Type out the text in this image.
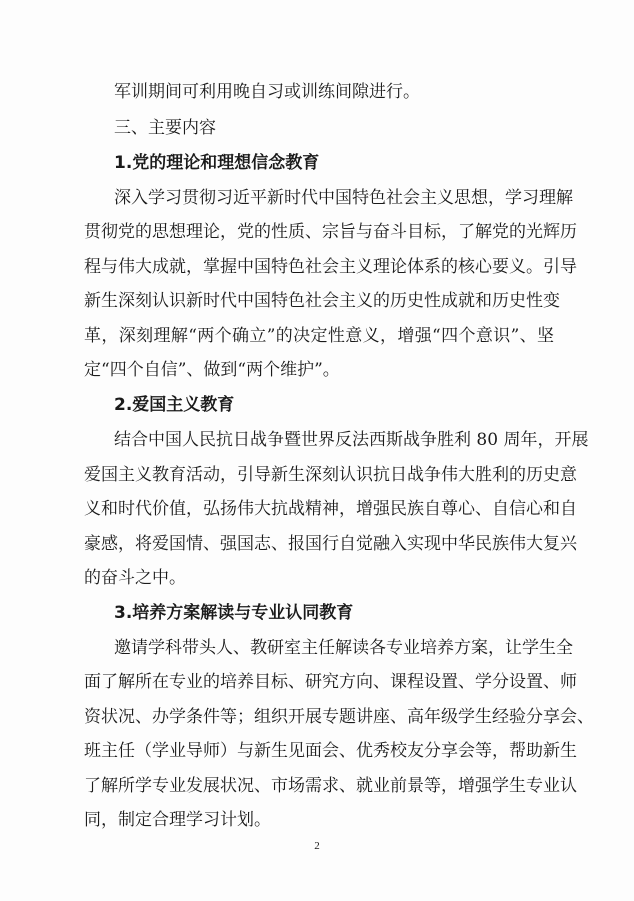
军训期间可利用晚自习或训练间隙进行。
三、主要内容
1.党的理论和理想信念教育
深入学习贯彻习近平新时代中国特色社会主义思想，学习理解
贯彻党的思想理论，党的性质、宗旨与奋斗目标，了解党的光辉历
程与伟大成就，掌握中国特色社会主义理论体系的核心要义。引导
新生深刻认识新时代中国特色社会主义的历史性成就和历史性变
革，深刻理解“两个确立”的决定性意义，增强“四个意识”、坚
定“四个自信”、做到“两个维护”。
2.爱国主义教育
结合中国人民抗日战争暨世界反法西斯战争胜利 80 周年，开展
爱国主义教育活动，引导新生深刻认识抗日战争伟大胜利的历史意
义和时代价值，弘扬伟大抗战精神，增强民族自尊心、自信心和自
豪感，将爱国情、强国志、报国行自觉融入实现中华民族伟大复兴
的奋斗之中。
3.培养方案解读与专业认同教育
邀请学科带头人、教研室主任解读各专业培养方案，让学生全
面了解所在专业的培养目标、研究方向、课程设置、学分设置、师
资状况、办学条件等；组织开展专题讲座、高年级学生经验分享会、
班主任（学业导师）与新生见面会、优秀校友分享会等，帮助新生
了解所学专业发展状况、市场需求、就业前景等，增强学生专业认
同，制定合理学习计划。
2
